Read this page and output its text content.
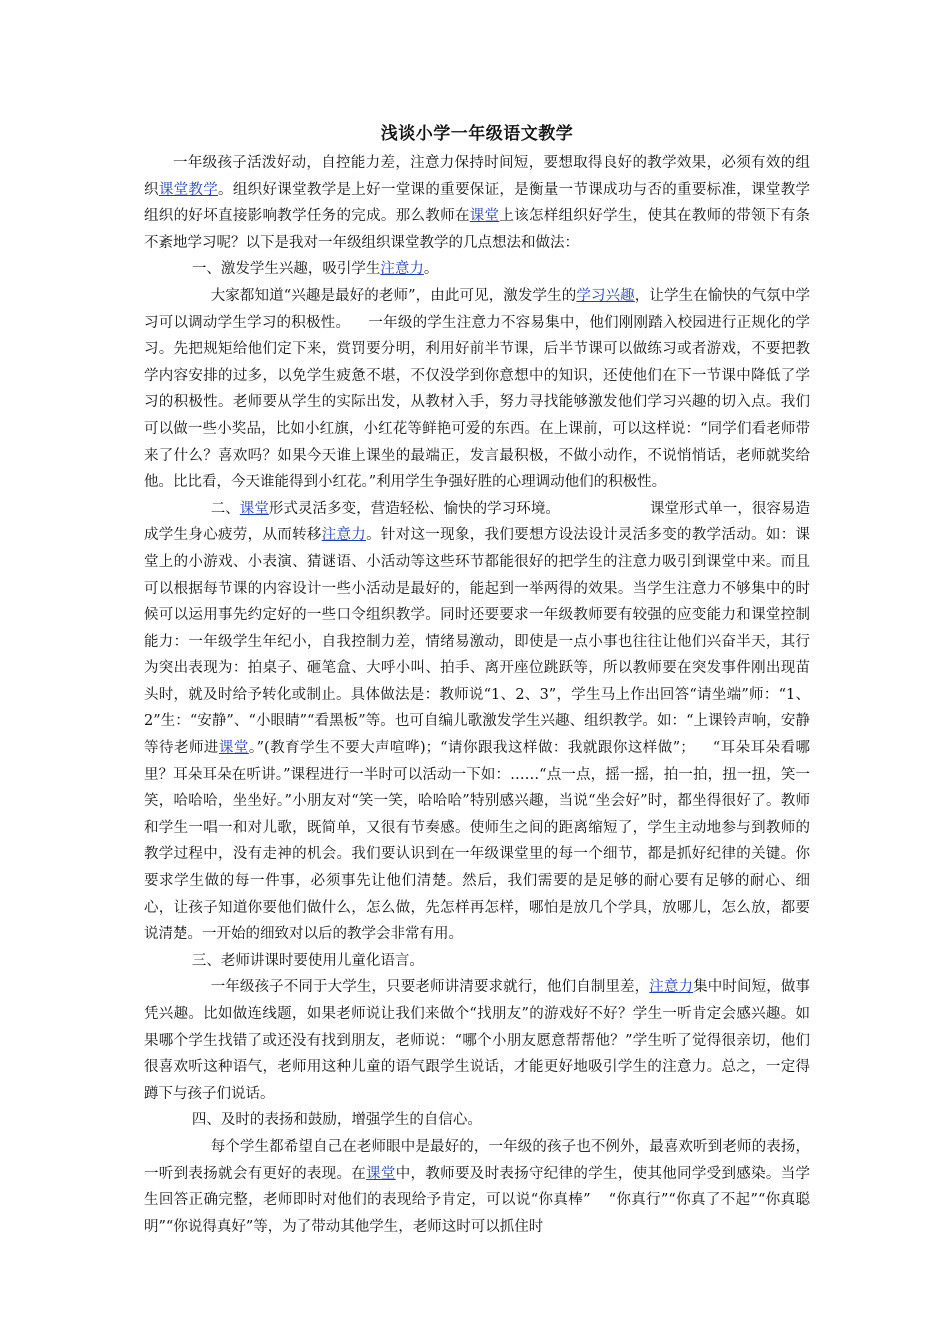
浅谈小学一年级语文教学

一年级孩子活泼好动，自控能力差，注意力保持时间短，要想取得良好的教学效果，必须有效的组织课堂教学。组织好课堂教学是上好一堂课的重要保证，是衡量一节课成功与否的重要标准，课堂教学组织的好坏直接影响教学任务的完成。那么教师在课堂上该怎样组织好学生，使其在教师的带领下有条不紊地学习呢？以下是我对一年级组织课堂教学的几点想法和做法：

一、激发学生兴趣，吸引学生注意力。

大家都知道“兴趣是最好的老师”，由此可见，激发学生的学习兴趣，让学生在愉快的气氛中学习可以调动学生学习的积极性。 一年级的学生注意力不容易集中，他们刚刚踏入校园进行正规化的学习。先把规矩给他们定下来，赏罚要分明，利用好前半节课，后半节课可以做练习或者游戏，不要把教学内容安排的过多，以免学生疲惫不堪，不仅没学到你意想中的知识，还使他们在下一节课中降低了学习的积极性。老师要从学生的实际出发，从教材入手，努力寻找能够激发他们学习兴趣的切入点。我们可以做一些小奖品，比如小红旗，小红花等鲜艳可爱的东西。在上课前，可以这样说：“同学们看老师带来了什么？喜欢吗？如果今天谁上课坐的最端正，发言最积极，不做小动作，不说悄悄话，老师就奖给他。比比看，今天谁能得到小红花。”利用学生争强好胜的心理调动他们的积极性。

二、课堂形式灵活多变，营造轻松、愉快的学习环境。	课堂形式单一，很容易造成学生身心疲劳，从而转移注意力。针对这一现象，我们要想方设法设计灵活多变的教学活动。如：课堂上的小游戏、小表演、猜谜语、小活动等这些环节都能很好的把学生的注意力吸引到课堂中来。而且可以根据每节课的内容设计一些小活动是最好的，能起到一举两得的效果。当学生注意力不够集中的时候可以运用事先约定好的一些口令组织教学。同时还要要求一年级教师要有较强的应变能力和课堂控制能力：一年级学生年纪小，自我控制力差，情绪易激动，即使是一点小事也往往让他们兴奋半天，其行为突出表现为：拍桌子、砸笔盒、大呼小叫、拍手、离开座位跳跃等，所以教师要在突发事件刚出现苗头时，就及时给予转化或制止。具体做法是：教师说“1、2、3”，学生马上作出回答“请坐端”师：“1、2”生：“安静”、“小眼睛”“看黑板”等。也可自编儿歌激发学生兴趣、组织教学。如：“上课铃声响，安静等待老师进课堂。”(教育学生不要大声喧哗)；“请你跟我这样做：我就跟你这样做”； “耳朵耳朵看哪里？耳朵耳朵在听讲。”课程进行一半时可以活动一下如：……“点一点，摇一摇，拍一拍，扭一扭，笑一笑，哈哈哈，坐坐好。”小朋友对“笑一笑，哈哈哈”特别感兴趣，当说“坐会好”时，都坐得很好了。教师和学生一唱一和对儿歌，既简单，又很有节奏感。使师生之间的距离缩短了，学生主动地参与到教师的教学过程中，没有走神的机会。我们要认识到在一年级课堂里的每一个细节，都是抓好纪律的关键。你要求学生做的每一件事，必须事先让他们清楚。然后，我们需要的是足够的耐心要有足够的耐心、细心，让孩子知道你要他们做什么，怎么做，先怎样再怎样，哪怕是放几个学具，放哪儿，怎么放，都要说清楚。一开始的细致对以后的教学会非常有用。

三、老师讲课时要使用儿童化语言。

一年级孩子不同于大学生，只要老师讲清要求就行，他们自制里差，注意力集中时间短，做事凭兴趣。比如做连线题，如果老师说让我们来做个“找朋友”的游戏好不好？学生一听肯定会感兴趣。如果哪个学生找错了或还没有找到朋友，老师说：“哪个小朋友愿意帮帮他？”学生听了觉得很亲切，他们很喜欢听这种语气，老师用这种儿童的语气跟学生说话，才能更好地吸引学生的注意力。总之，一定得蹲下与孩子们说话。

四、及时的表扬和鼓励，增强学生的自信心。

每个学生都希望自己在老师眼中是最好的，一年级的孩子也不例外，最喜欢听到老师的表扬，一听到表扬就会有更好的表现。在课堂中，教师要及时表扬守纪律的学生，使其他同学受到感染。当学生回答正确完整，老师即时对他们的表现给予肯定，可以说“你真棒” “你真行”“你真了不起”“你真聪明”“你说得真好”等，为了带动其他学生，老师这时可以抓住时
